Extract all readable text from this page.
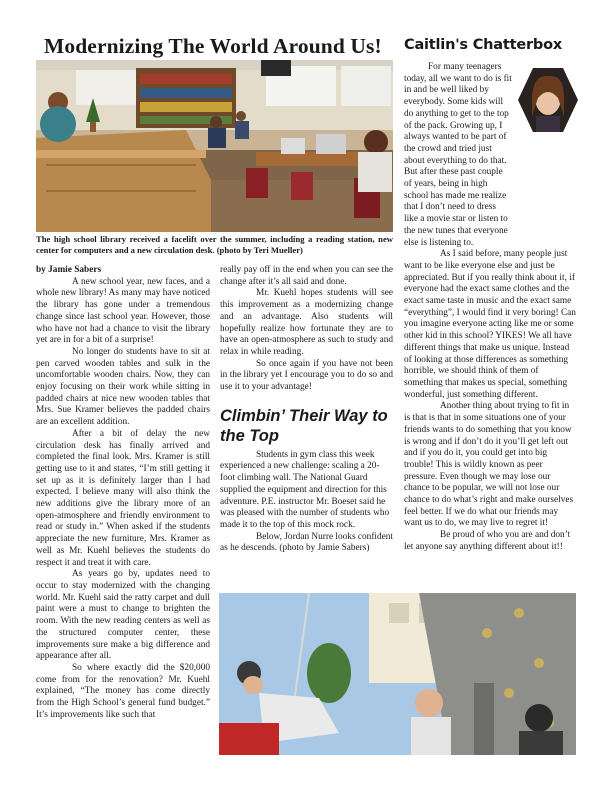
Modernizing The World Around Us! Caitlin's Chatterbox
The high school library received a facelift over the summer, including a reading station, new center for computers and a new circulation desk. (photo by Teri Mueller)

by Jamie Sabers

A new school year, new faces, and a whole new library! As many may have noticed the library has gone under a tremendous change since last school year. However, those who have not had a chance to visit the library yet are in for a bit of a surprise!

No longer do students have to sit at pen carved wooden tables and sulk in the uncomfortable wooden chairs. Now, they can enjoy focusing on their work while sitting in padded chairs at nice new wooden tables that Mrs. Sue Kramer believes the padded chairs are an excellent addition.

After a bit of delay the new circulation desk has finally arrived and completed the final look. Mrs. Kramer is still getting use to it and states, “I’m still getting it set up as it is definitely larger than I had expected. I believe many will also think the new additions give the library more of an open-atmosphere and friendly environment to read or study in.” When asked if the students appreciate the new furniture, Mrs. Kramer as well as Mr. Kuehl believes the students do respect it and treat it with care.

As years go by, updates need to occur to stay modernized with the changing world. Mr. Kuehl said the ratty carpet and dull paint were a must to change to brighten the room. With the new reading centers as well as the structured computer center, these improvements sure make a big difference and appearance after all.

So where exactly did the $20,000 come from for the renovation? Mr. Kuehl explained, “The money has come directly from the High School’s general fund budget.” It’s improvements like such that

really pay off in the end when you can see the change after it’s all said and done.

Mr. Kuehl hopes students will see this improvement as a modernizing change and an advantage. Also students will hopefully realize how fortunate they are to have an open-atmosphere as such to study and relax in while reading.

So once again if you have not been in the library yet I encourage you to do so and use it to your advantage!

Climbin’ Their Way to the Top

Students in gym class this week experienced a new challenge: scaling a 20-foot climbing wall. The National Guard supplied the equipment and direction for this adventure. P.E. instructor Mr. Boeset said he was pleased with the number of students who made it to the top of this mock rock.

Below, Jordan Nurre looks confident as he descends. (photo by Jamie Sabers)

For many teenagers today, all we want to do is fit in and be well liked by everybody. Some kids will do anything to get to the top of the pack. Growing up, I always wanted to be part of the crowd and tried just about everything to do that. But after these past couple of years, being in high school has made me realize that I don’t need to dress like a movie star or listen to the new tunes that everyone else is listening to.

As I said before, many people just want to be like everyone else and just be appreciated. But if you really think about it, if everyone had the exact same clothes and the exact same taste in music and the exact same “everything”, I would find it very boring! Can you imagine everyone acting like me or some other kid in this school? YIKES! We all have different things that make us unique. Instead of looking at those differences as something horrible, we should think of them of something that makes us special, something wonderful, just something different.

Another thing about trying to fit in is that is that in some situations one of your friends wants to do something that you know is wrong and if don’t do it you’ll get left out and if you do it, you could get into big trouble! This is wildly known as peer pressure. Even though we may lose our chance to be popular, we will not lose our chance to do what’s right and make ourselves feel better. If we do what our friends may want us to do, we may live to regret it!

Be proud of who you are and don’t let anyone say anything different about it!!
